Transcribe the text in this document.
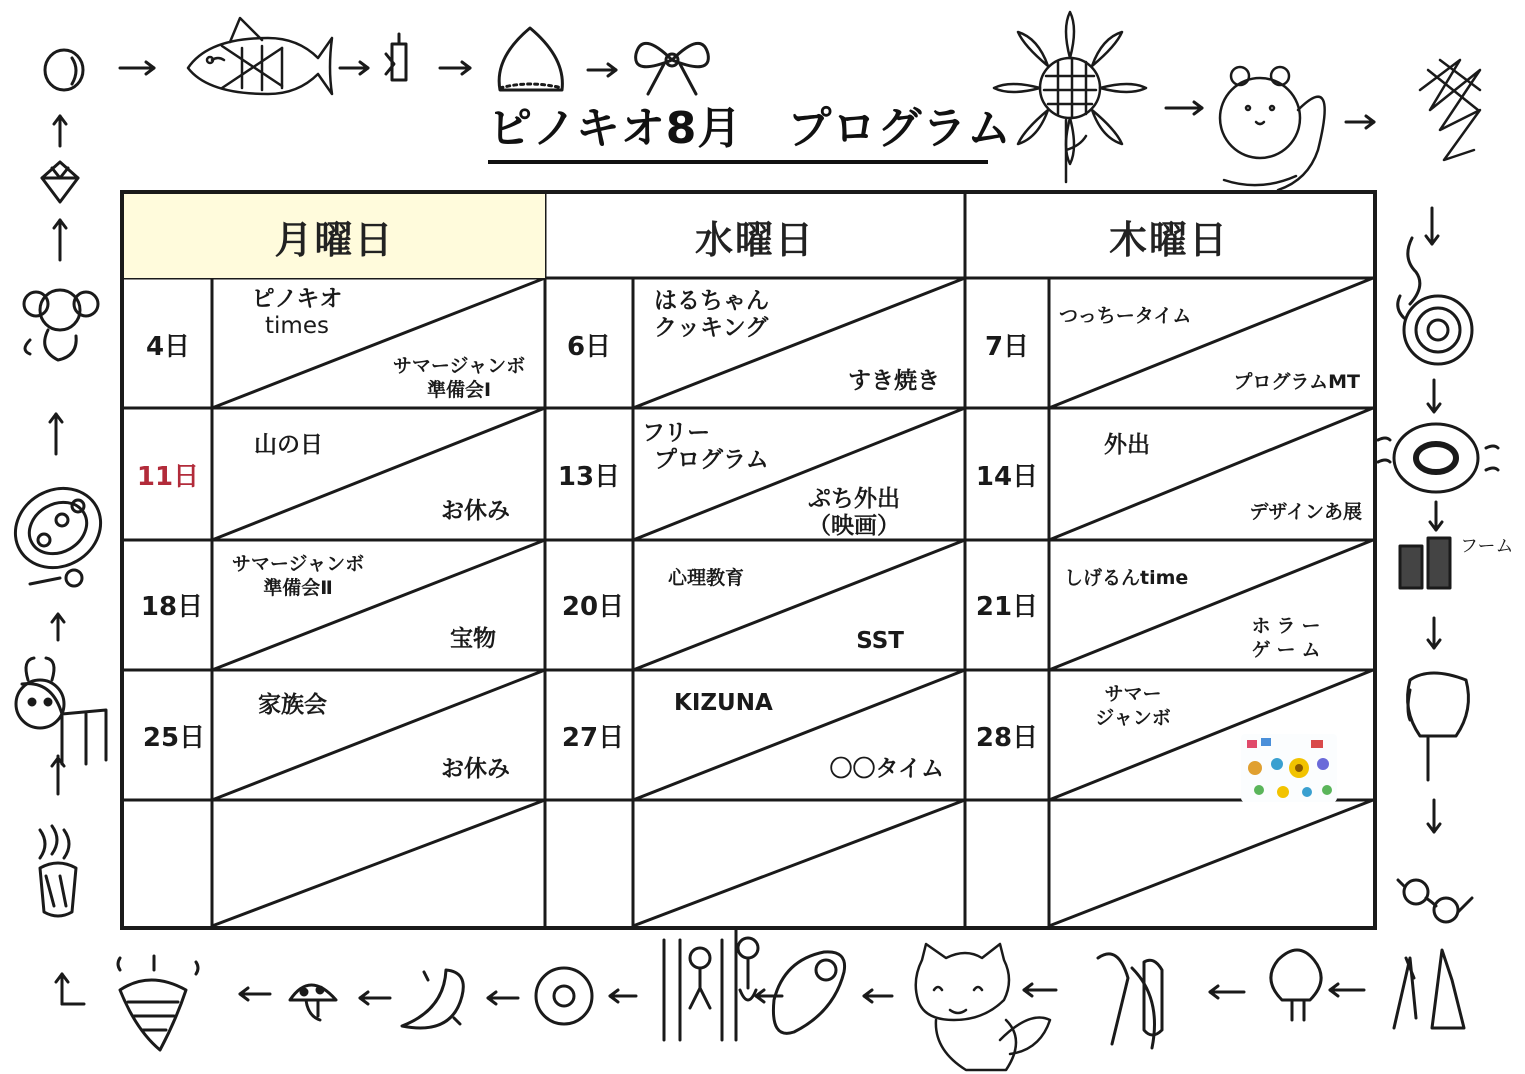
フーム
ピノキオ8月　プログラム
月曜日	水曜日	木曜日
4日
ピノキオ
times
サマージャンボ
準備会Ⅰ
6日
はるちゃん
クッキング
すき焼き
7日
つっちータイム
プログラムMT
11日
山の日
お休み
13日
フリー
プログラム
ぷち外出
（映画）
14日
外出
デザインあ展
18日
サマージャンボ
準備会Ⅱ
宝物
20日
心理教育
SST
21日
しげるんtime
ホラー
ゲーム
25日
家族会
お休み
27日
KIZUNA
〇〇タイム
28日
サマー
ジャンボ
